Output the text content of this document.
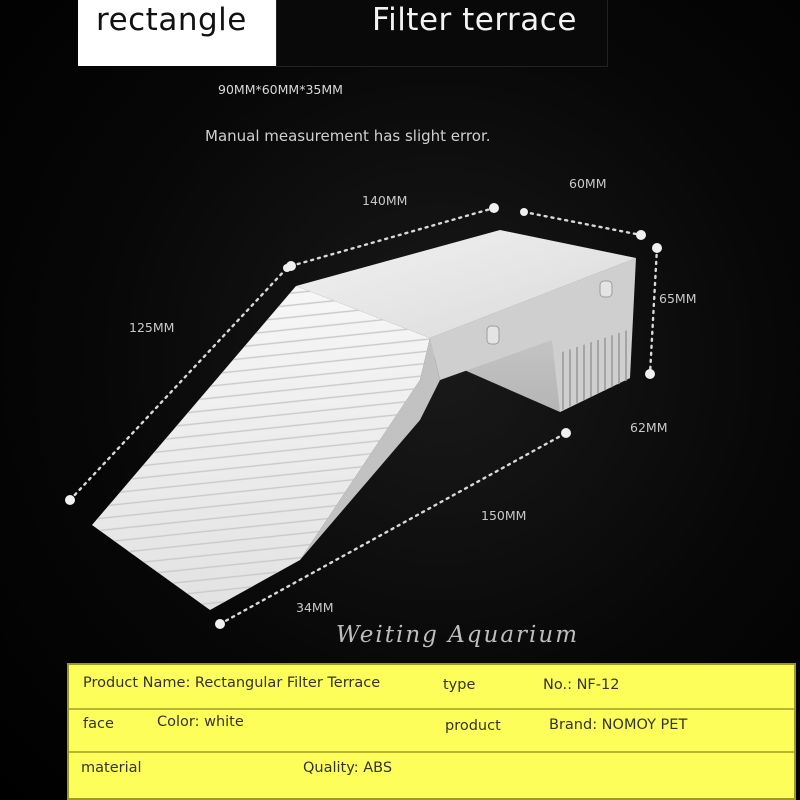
rectangle	Filter terrace
90MM*60MM*35MM
Manual measurement has slight error.
140MM
60MM
65MM
125MM
62MM
150MM
34MM
Weiting Aquarium
Product Name: Rectangular Filter Terrace	type	No.: NF-12
face	Color: white	product	Brand: NOMOY PET
material	Quality: ABS
